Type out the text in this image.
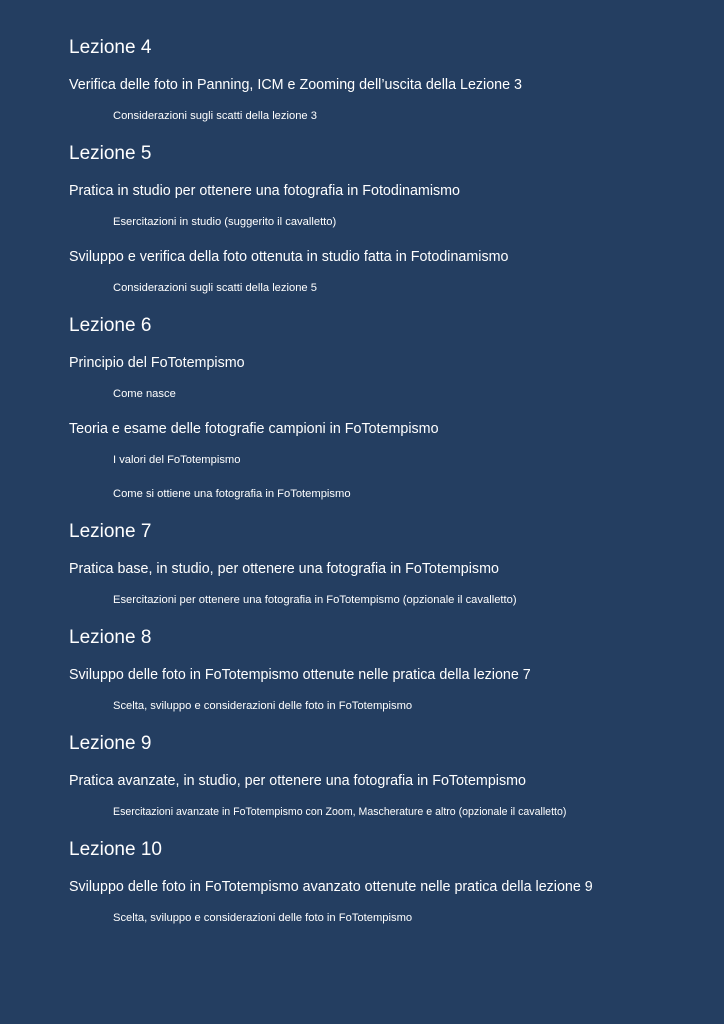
Lezione 4

Verifica delle foto in Panning, ICM e Zooming dell’uscita della Lezione 3

Considerazioni sugli scatti della lezione 3

Lezione 5

Pratica in studio per ottenere una fotografia in Fotodinamismo

Esercitazioni in studio (suggerito il cavalletto)

Sviluppo e verifica della foto ottenuta in studio fatta in Fotodinamismo

Considerazioni sugli scatti della lezione 5

Lezione 6

Principio del FoTotempismo

Come nasce

Teoria e esame delle fotografie campioni in FoTotempismo

I valori del FoTotempismo

Come si ottiene una fotografia in FoTotempismo

Lezione 7

Pratica base, in studio, per ottenere una fotografia in FoTotempismo

Esercitazioni per ottenere una fotografia in FoTotempismo (opzionale il cavalletto)

Lezione 8

Sviluppo delle foto in FoTotempismo ottenute nelle pratica della lezione 7

Scelta, sviluppo e considerazioni delle foto in FoTotempismo

Lezione 9

Pratica avanzate, in studio, per ottenere una fotografia in FoTotempismo

Esercitazioni avanzate in FoTotempismo con Zoom, Mascherature e altro (opzionale il cavalletto)

Lezione 10

Sviluppo delle foto in FoTotempismo avanzato ottenute nelle pratica della lezione 9

Scelta, sviluppo e considerazioni delle foto in FoTotempismo
